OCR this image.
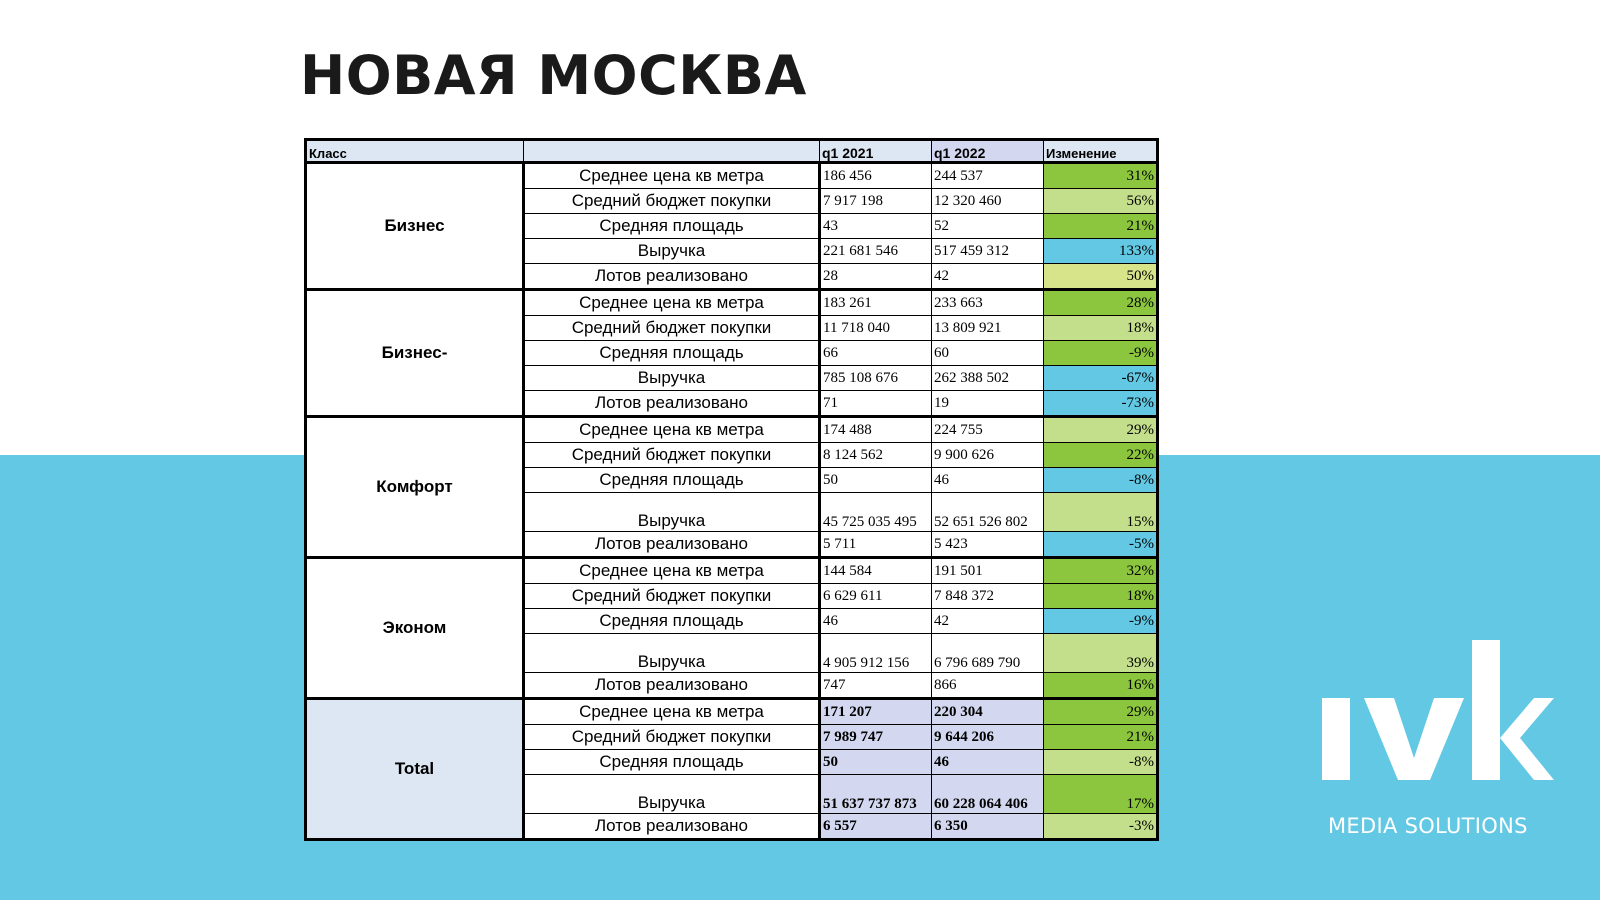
НОВАЯ МОСКВА
Класс		q1 2021	q1 2022	Изменение
Бизнес	Среднее цена кв метра	186 456	244 537	31%
	Средний бюджет покупки	7 917 198	12 320 460	56%
	Средняя площадь	43	52	21%
	Выручка	221 681 546	517 459 312	133%
	Лотов реализовано	28	42	50%
Бизнес-	Среднее цена кв метра	183 261	233 663	28%
	Средний бюджет покупки	11 718 040	13 809 921	18%
	Средняя площадь	66	60	-9%
	Выручка	785 108 676	262 388 502	-67%
	Лотов реализовано	71	19	-73%
Комфорт	Среднее цена кв метра	174 488	224 755	29%
	Средний бюджет покупки	8 124 562	9 900 626	22%
	Средняя площадь	50	46	-8%
	Выручка	45 725 035 495	52 651 526 802	15%
	Лотов реализовано	5 711	5 423	-5%
Эконом	Среднее цена кв метра	144 584	191 501	32%
	Средний бюджет покупки	6 629 611	7 848 372	18%
	Средняя площадь	46	42	-9%
	Выручка	4 905 912 156	6 796 689 790	39%
	Лотов реализовано	747	866	16%
Total	Среднее цена кв метра	171 207	220 304	29%
	Средний бюджет покупки	7 989 747	9 644 206	21%
	Средняя площадь	50	46	-8%
	Выручка	51 637 737 873	60 228 064 406	17%
	Лотов реализовано	6 557	6 350	-3%	MEDIA SOLUTIONS
